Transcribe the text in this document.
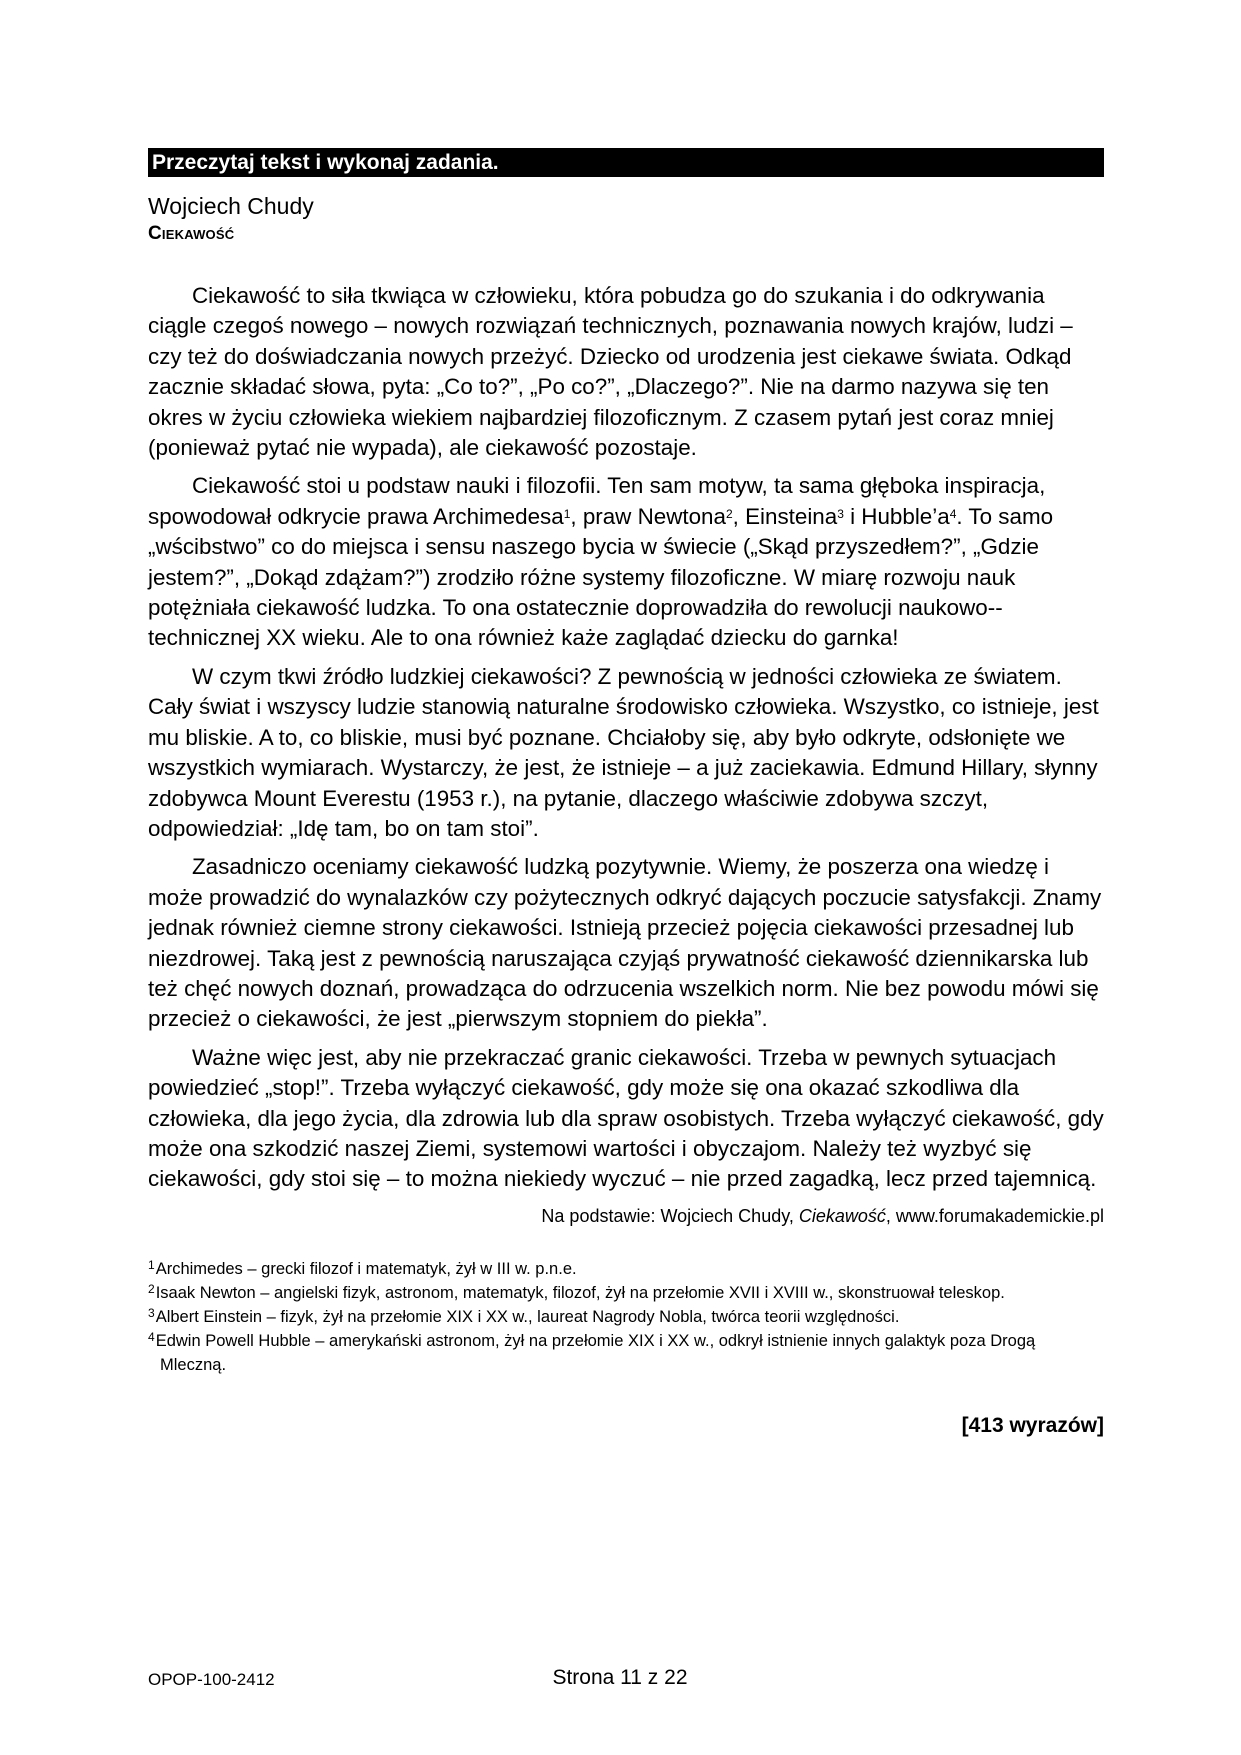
Przeczytaj tekst i wykonaj zadania.
Wojciech Chudy
Ciekawość

Ciekawość to siła tkwiąca w człowieku, która pobudza go do szukania i do odkrywania ciągle czegoś nowego – nowych rozwiązań technicznych, poznawania nowych krajów, ludzi – czy też do doświadczania nowych przeżyć. Dziecko od urodzenia jest ciekawe świata. Odkąd zacznie składać słowa, pyta: „Co to?”, „Po co?”, „Dlaczego?”. Nie na darmo nazywa się ten okres w życiu człowieka wiekiem najbardziej filozoficznym. Z czasem pytań jest coraz mniej (ponieważ pytać nie wypada), ale ciekawość pozostaje.

Ciekawość stoi u podstaw nauki i filozofii. Ten sam motyw, ta sama głęboka inspiracja, spowodował odkrycie prawa Archimedesa$^1$, praw Newtona$^2$, Einsteina$^3$ i $Hubble’a^4$. To samo „wścibstwo” co do miejsca i sensu naszego bycia w świecie („Skąd przyszedłem?”, „Gdzie jestem?”, „Dokąd zdążam?”) zrodziło różne systemy filozoficzne. W miarę rozwoju nauk potężniała ciekawość ludzka. To ona ostatecznie doprowadziła do rewolucji naukowo-​-technicznej XX wieku. Ale to ona również każe zaglądać dziecku do garnka!

W czym tkwi źródło ludzkiej ciekawości? Z pewnością w jedności człowieka ze światem. Cały świat i wszyscy ludzie stanowią naturalne środowisko człowieka. Wszystko, co istnieje, jest mu bliskie. A to, co bliskie, musi być poznane. Chciałoby się, aby było odkryte, odsłonięte we wszystkich wymiarach. Wystarczy, że jest, że istnieje – a już zaciekawia. Edmund Hillary, słynny zdobywca Mount Everestu (1953 r.), na pytanie, dlaczego właściwie zdobywa szczyt, odpowiedział: „Idę tam, bo on tam stoi”.

Zasadniczo oceniamy ciekawość ludzką pozytywnie. Wiemy, że poszerza ona wiedzę i może prowadzić do wynalazków czy pożytecznych odkryć dających poczucie satysfakcji. Znamy jednak również ciemne strony ciekawości. Istnieją przecież pojęcia ciekawości przesadnej lub niezdrowej. Taką jest z pewnością naruszająca czyjąś prywatność ciekawość dziennikarska lub też chęć nowych doznań, prowadząca do odrzucenia wszelkich norm. Nie bez powodu mówi się przecież o ciekawości, że jest „pierwszym stopniem do piekła”.

Ważne więc jest, aby nie przekraczać granic ciekawości. Trzeba w pewnych sytuacjach powiedzieć „stop!”. Trzeba wyłączyć ciekawość, gdy może się ona okazać szkodliwa dla człowieka, dla jego życia, dla zdrowia lub dla spraw osobistych. Trzeba wyłączyć ciekawość, gdy może ona szkodzić naszej Ziemi, systemowi wartości i obyczajom. Należy też wyzbyć się ciekawości, gdy stoi się – to można niekiedy wyczuć – nie przed zagadką, lecz przed tajemnicą.

Na podstawie: Wojciech Chudy, Ciekawość, www.forumakademickie.pl
$^1$Archimedes – grecki filozof i matematyk, żył w III w. p.n.e.
$^2$Isaak Newton – angielski fizyk, astronom, matematyk, filozof, żył na przełomie XVII i XVIII w., skonstruował teleskop.
$^3$Albert Einstein – fizyk, żył na przełomie XIX i XX w., laureat Nagrody Nobla, twórca teorii względności.
$^4$Edwin Powell Hubble – amerykański astronom, żył na przełomie XIX i XX w., odkrył istnienie innych galaktyk poza Drogą Mleczną.
[413 wyrazów]
OPOP-100-2412	Strona 11 z 22
